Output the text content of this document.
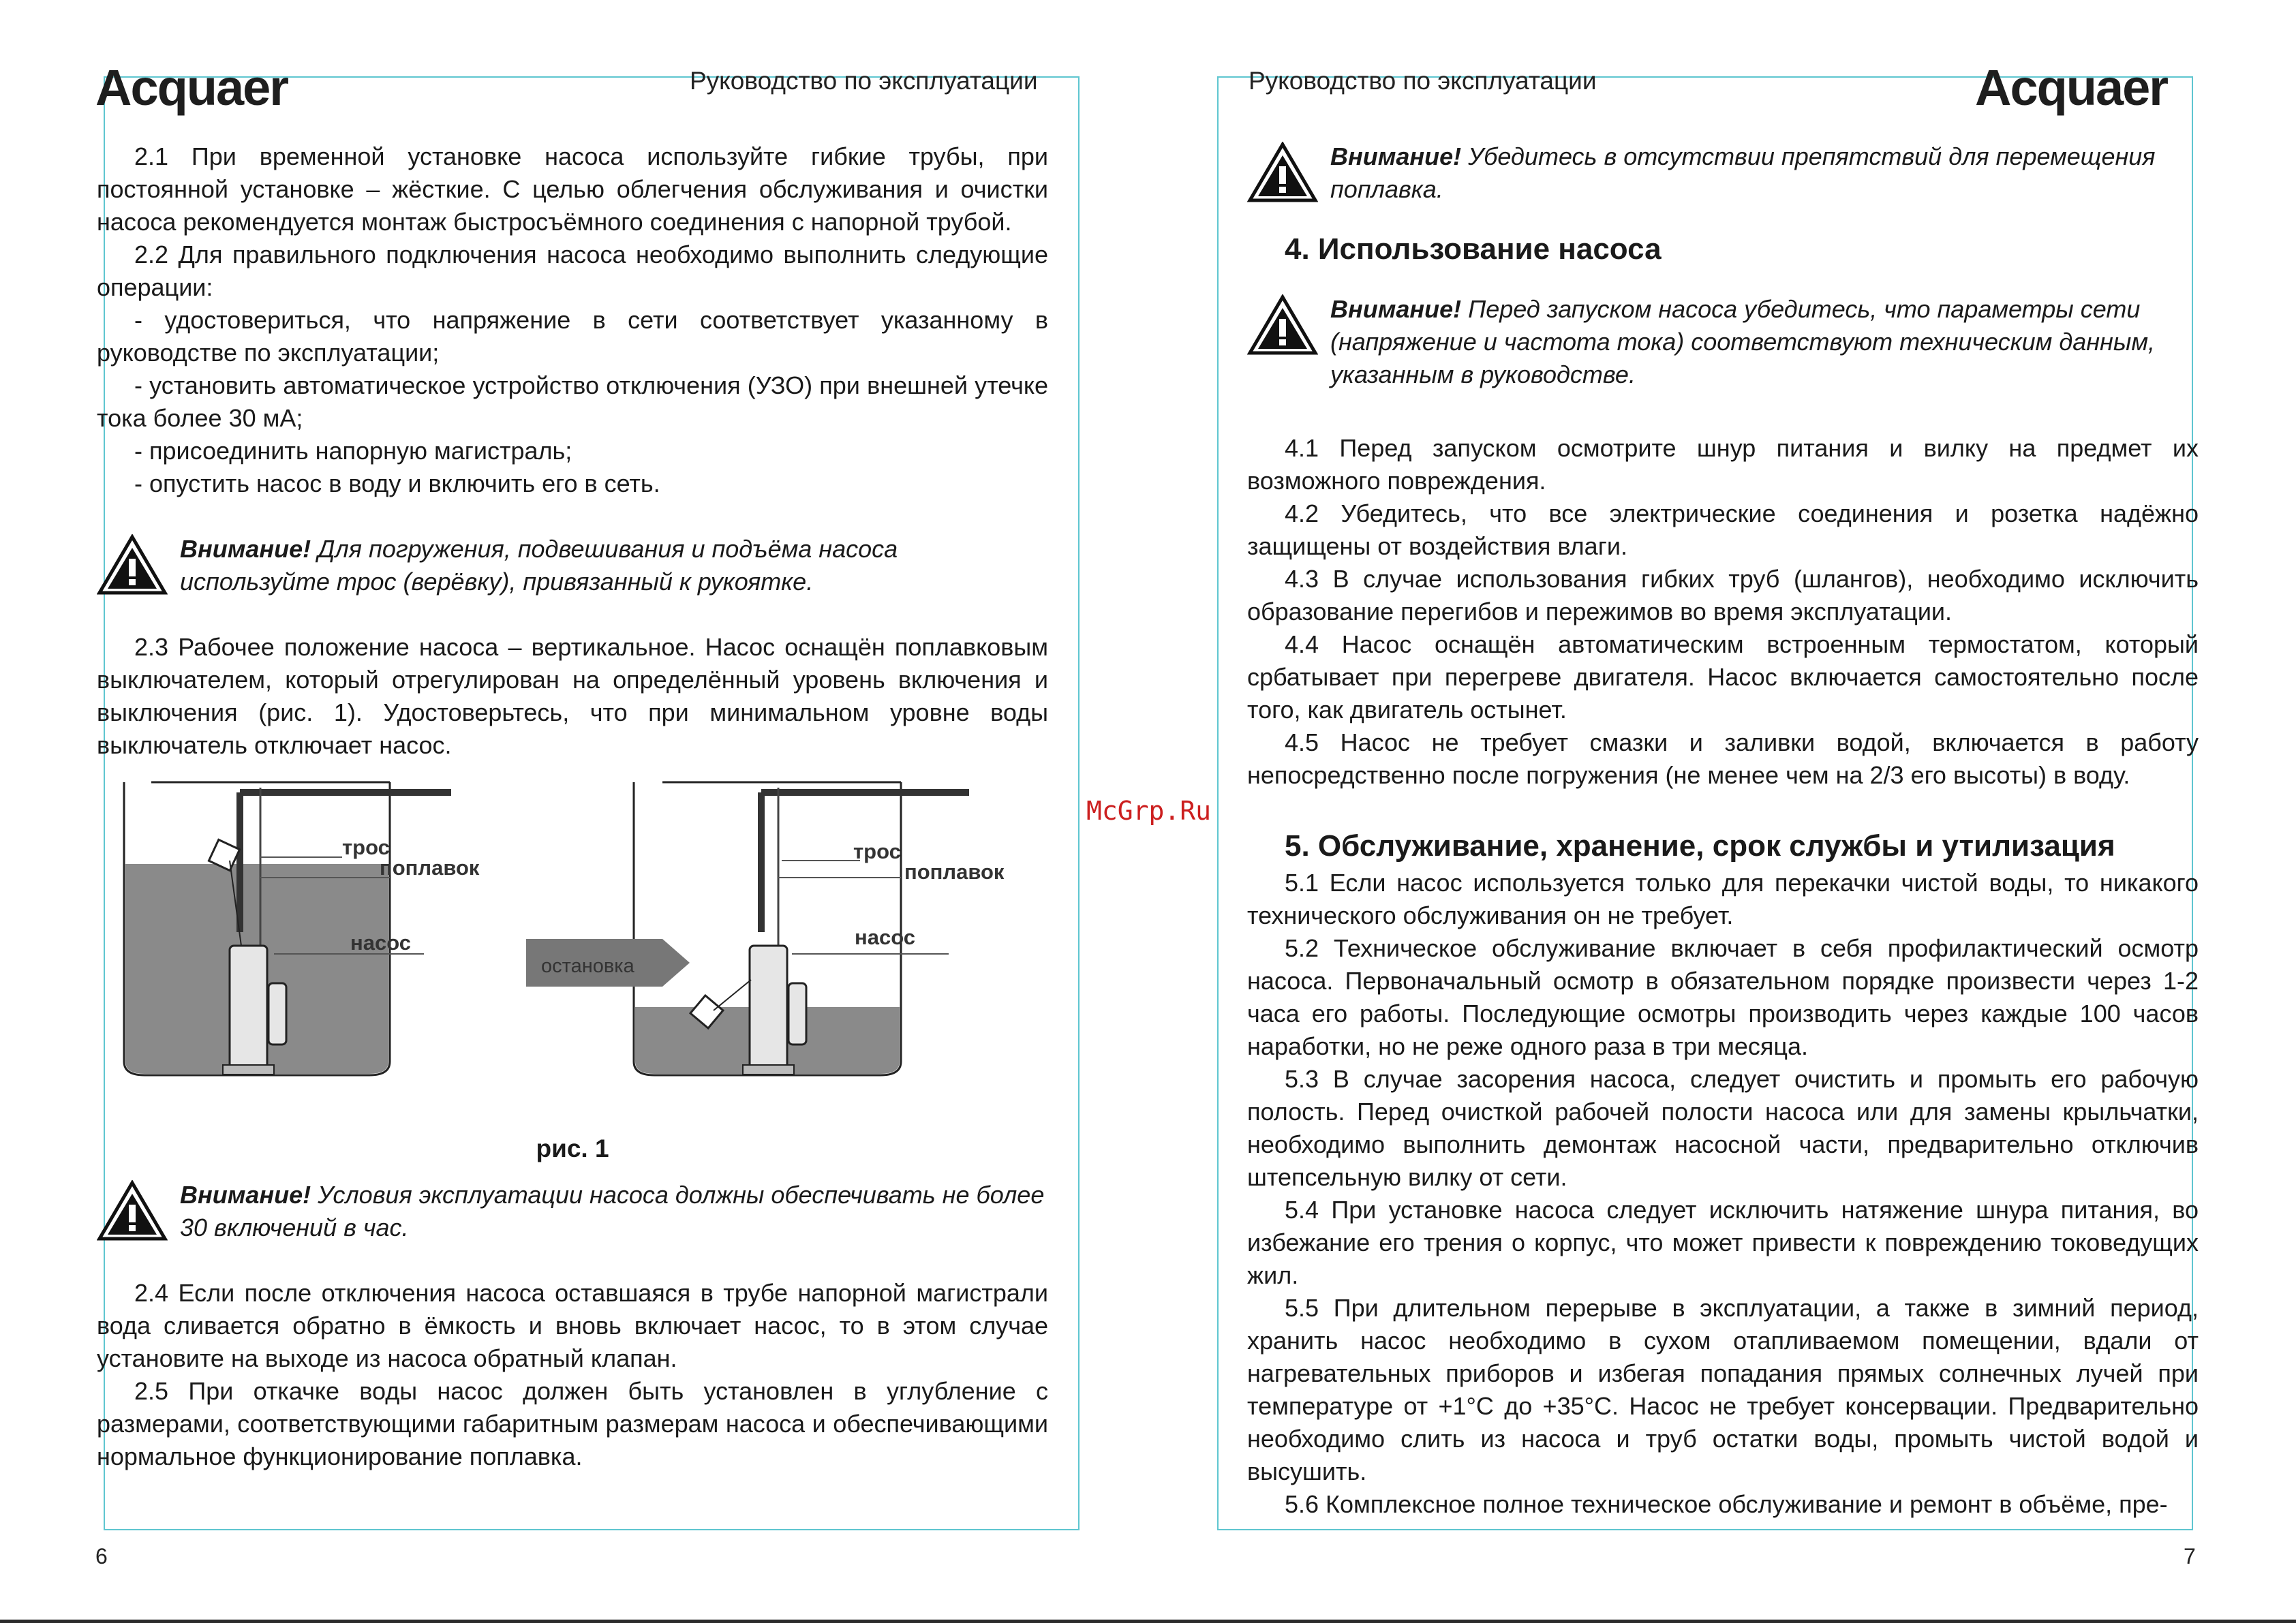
Acquaer	Руководство по эксплуатации	Руководство по эксплуатации	Acquaer

2.1 При временной установке насоса используйте гибкие трубы, при постоянной установке – жёсткие. С целью облегчения обслуживания и очистки насоса рекомендуется монтаж быстросъёмного соединения с напорной трубой.

2.2 Для правильного подключения насоса необходимо выполнить следующие операции:

- удостовериться, что напряжение в сети соответствует указанному в руководстве по эксплуатации;

- установить автоматическое устройство отключения (УЗО) при внешней утечке тока более 30 мА;

- присоединить напорную магистраль;

- опустить насос в воду и включить его в сеть.

Внимание! Для погружения, подвешивания и подъёма насоса используйте трос (верёвку), привязанный к рукоятке.

2.3 Рабочее положение насоса – вертикальное. Насос оснащён поплавковым выключателем, который отрегулирован на определённый уровень включения и выключения (рис. 1). Удостоверьтесь, что при минимальном уровне воды выключатель отключает насос.

трос
поплавок
насос
остановка
трос
поплавок
насос
рис. 1
Внимание! Условия эксплуатации насоса должны обеспечивать не более 30 включений в час.

2.4 Если после отключения насоса оставшаяся в трубе напорной магистрали вода сливается обратно в ёмкость и вновь включает насос, то в этом случае установите на выходе из насоса обратный клапан.

2.5 При откачке воды насос должен быть установлен в углубление с размерами, соответствующими габаритным размерам насоса и обеспечивающими нормальное функционирование поплавка.

6
McGrp.Ru
Внимание! Убедитесь в отсутствии препятствий для перемещения поплавка.
4. Использование насоса
Внимание! Перед запуском насоса убедитесь, что параметры сети (напряжение и частота тока) соответствуют техническим данным, указанным в руководстве.

4.1 Перед запуском осмотрите шнур питания и вилку на предмет их возможного повреждения.

4.2 Убедитесь, что все электрические соединения и розетка надёжно защищены от воздействия влаги.

4.3 В случае использования гибких труб (шлангов), необходимо исключить образование перегибов и пережимов во время эксплуатации.

4.4 Насос оснащён автоматическим встроенным термостатом, который србатывает при перегреве двигателя. Насос включается самостоятельно после того, как двигатель остынет.

4.5 Насос не требует смазки и заливки водой, включается в работу непосредственно после погружения (не менее чем на 2/3 его высоты) в воду.

5. Обслуживание, хранение, срок службы и утилизация

5.1 Если насос используется только для перекачки чистой воды, то никакого технического обслуживания он не требует.

5.2 Техническое обслуживание включает в себя профилактический осмотр насоса. Первоначальный осмотр в обязательном порядке произвести через 1-2 часа его работы. Последующие осмотры производить через каждые 100 часов наработки, но не реже одного раза в три месяца.

5.3 В случае засорения насоса, следует очистить и промыть его рабочую полость. Перед очисткой рабочей полости насоса или для замены крыльчатки, необходимо выполнить демонтаж насосной части, предварительно отключив штепсельную вилку от сети.

5.4 При установке насоса следует исключить натяжение шнура питания, во избежание его трения о корпус, что может привести к повреждению токоведущих жил.

5.5 При длительном перерыве в эксплуатации, а также в зимний период, хранить насос необходимо в сухом отапливаемом помещении, вдали от нагревательных приборов и избегая попадания прямых солнечных лучей при температуре от +1°С до +35°С. Насос не требует консервации. Предварительно необходимо слить из насоса и труб остатки воды, промыть чистой водой и высушить.

5.6 Комплексное полное техническое обслуживание и ремонт в объёме, пре-

7
